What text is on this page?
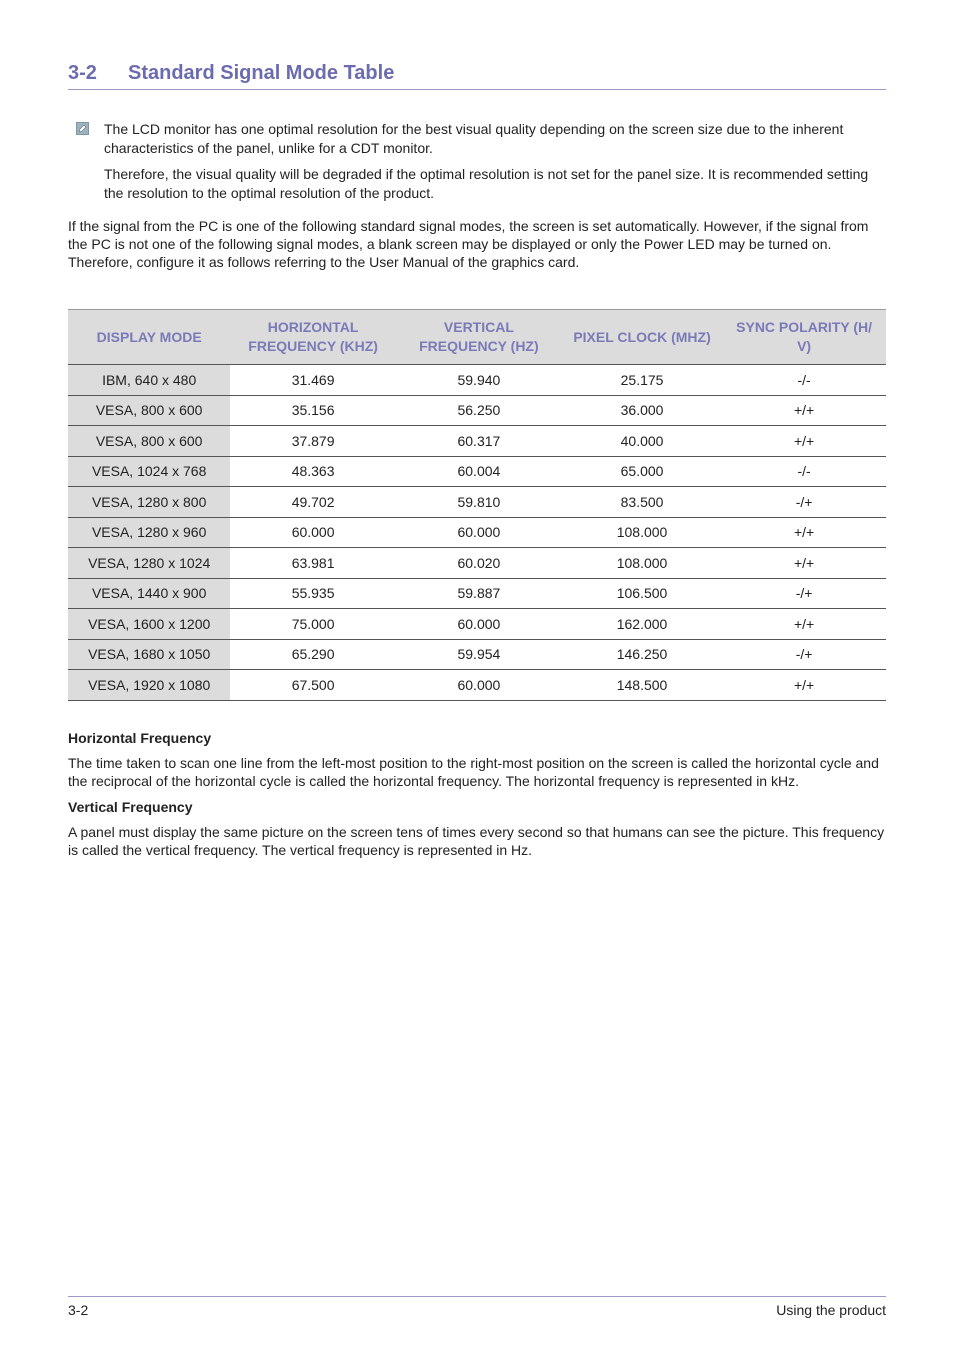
3-2 Standard Signal Mode Table

The LCD monitor has one optimal resolution for the best visual quality depending on the screen size due to the inherent characteristics of the panel, unlike for a CDT monitor.

Therefore, the visual quality will be degraded if the optimal resolution is not set for the panel size. It is recommended setting the resolution to the optimal resolution of the product.

If the signal from the PC is one of the following standard signal modes, the screen is set automatically. However, if the signal from the PC is not one of the following signal modes, a blank screen may be displayed or only the Power LED may be turned on. Therefore, configure it as follows referring to the User Manual of the graphics card.

DISPLAY MODE	HORIZONTAL FREQUENCY (KHZ)	VERTICAL FREQUENCY (HZ)	PIXEL CLOCK (MHZ)	SYNC POLARITY (H/ V)
IBM, 640 x 480	31.469	59.940	25.175	-/-
VESA, 800 x 600	35.156	56.250	36.000	+/+
VESA, 800 x 600	37.879	60.317	40.000	+/+
VESA, 1024 x 768	48.363	60.004	65.000	-/-
VESA, 1280 x 800	49.702	59.810	83.500	-/+
VESA, 1280 x 960	60.000	60.000	108.000	+/+
VESA, 1280 x 1024	63.981	60.020	108.000	+/+
VESA, 1440 x 900	55.935	59.887	106.500	-/+
VESA, 1600 x 1200	75.000	60.000	162.000	+/+
VESA, 1680 x 1050	65.290	59.954	146.250	-/+
VESA, 1920 x 1080	67.500	60.000	148.500	+/+
Horizontal Frequency

The time taken to scan one line from the left-most position to the right-most position on the screen is called the horizontal cycle and the reciprocal of the horizontal cycle is called the horizontal frequency. The horizontal frequency is represented in kHz.

Vertical Frequency

A panel must display the same picture on the screen tens of times every second so that humans can see the picture. This frequency is called the vertical frequency. The vertical frequency is represented in Hz.

3-2	Using the product
